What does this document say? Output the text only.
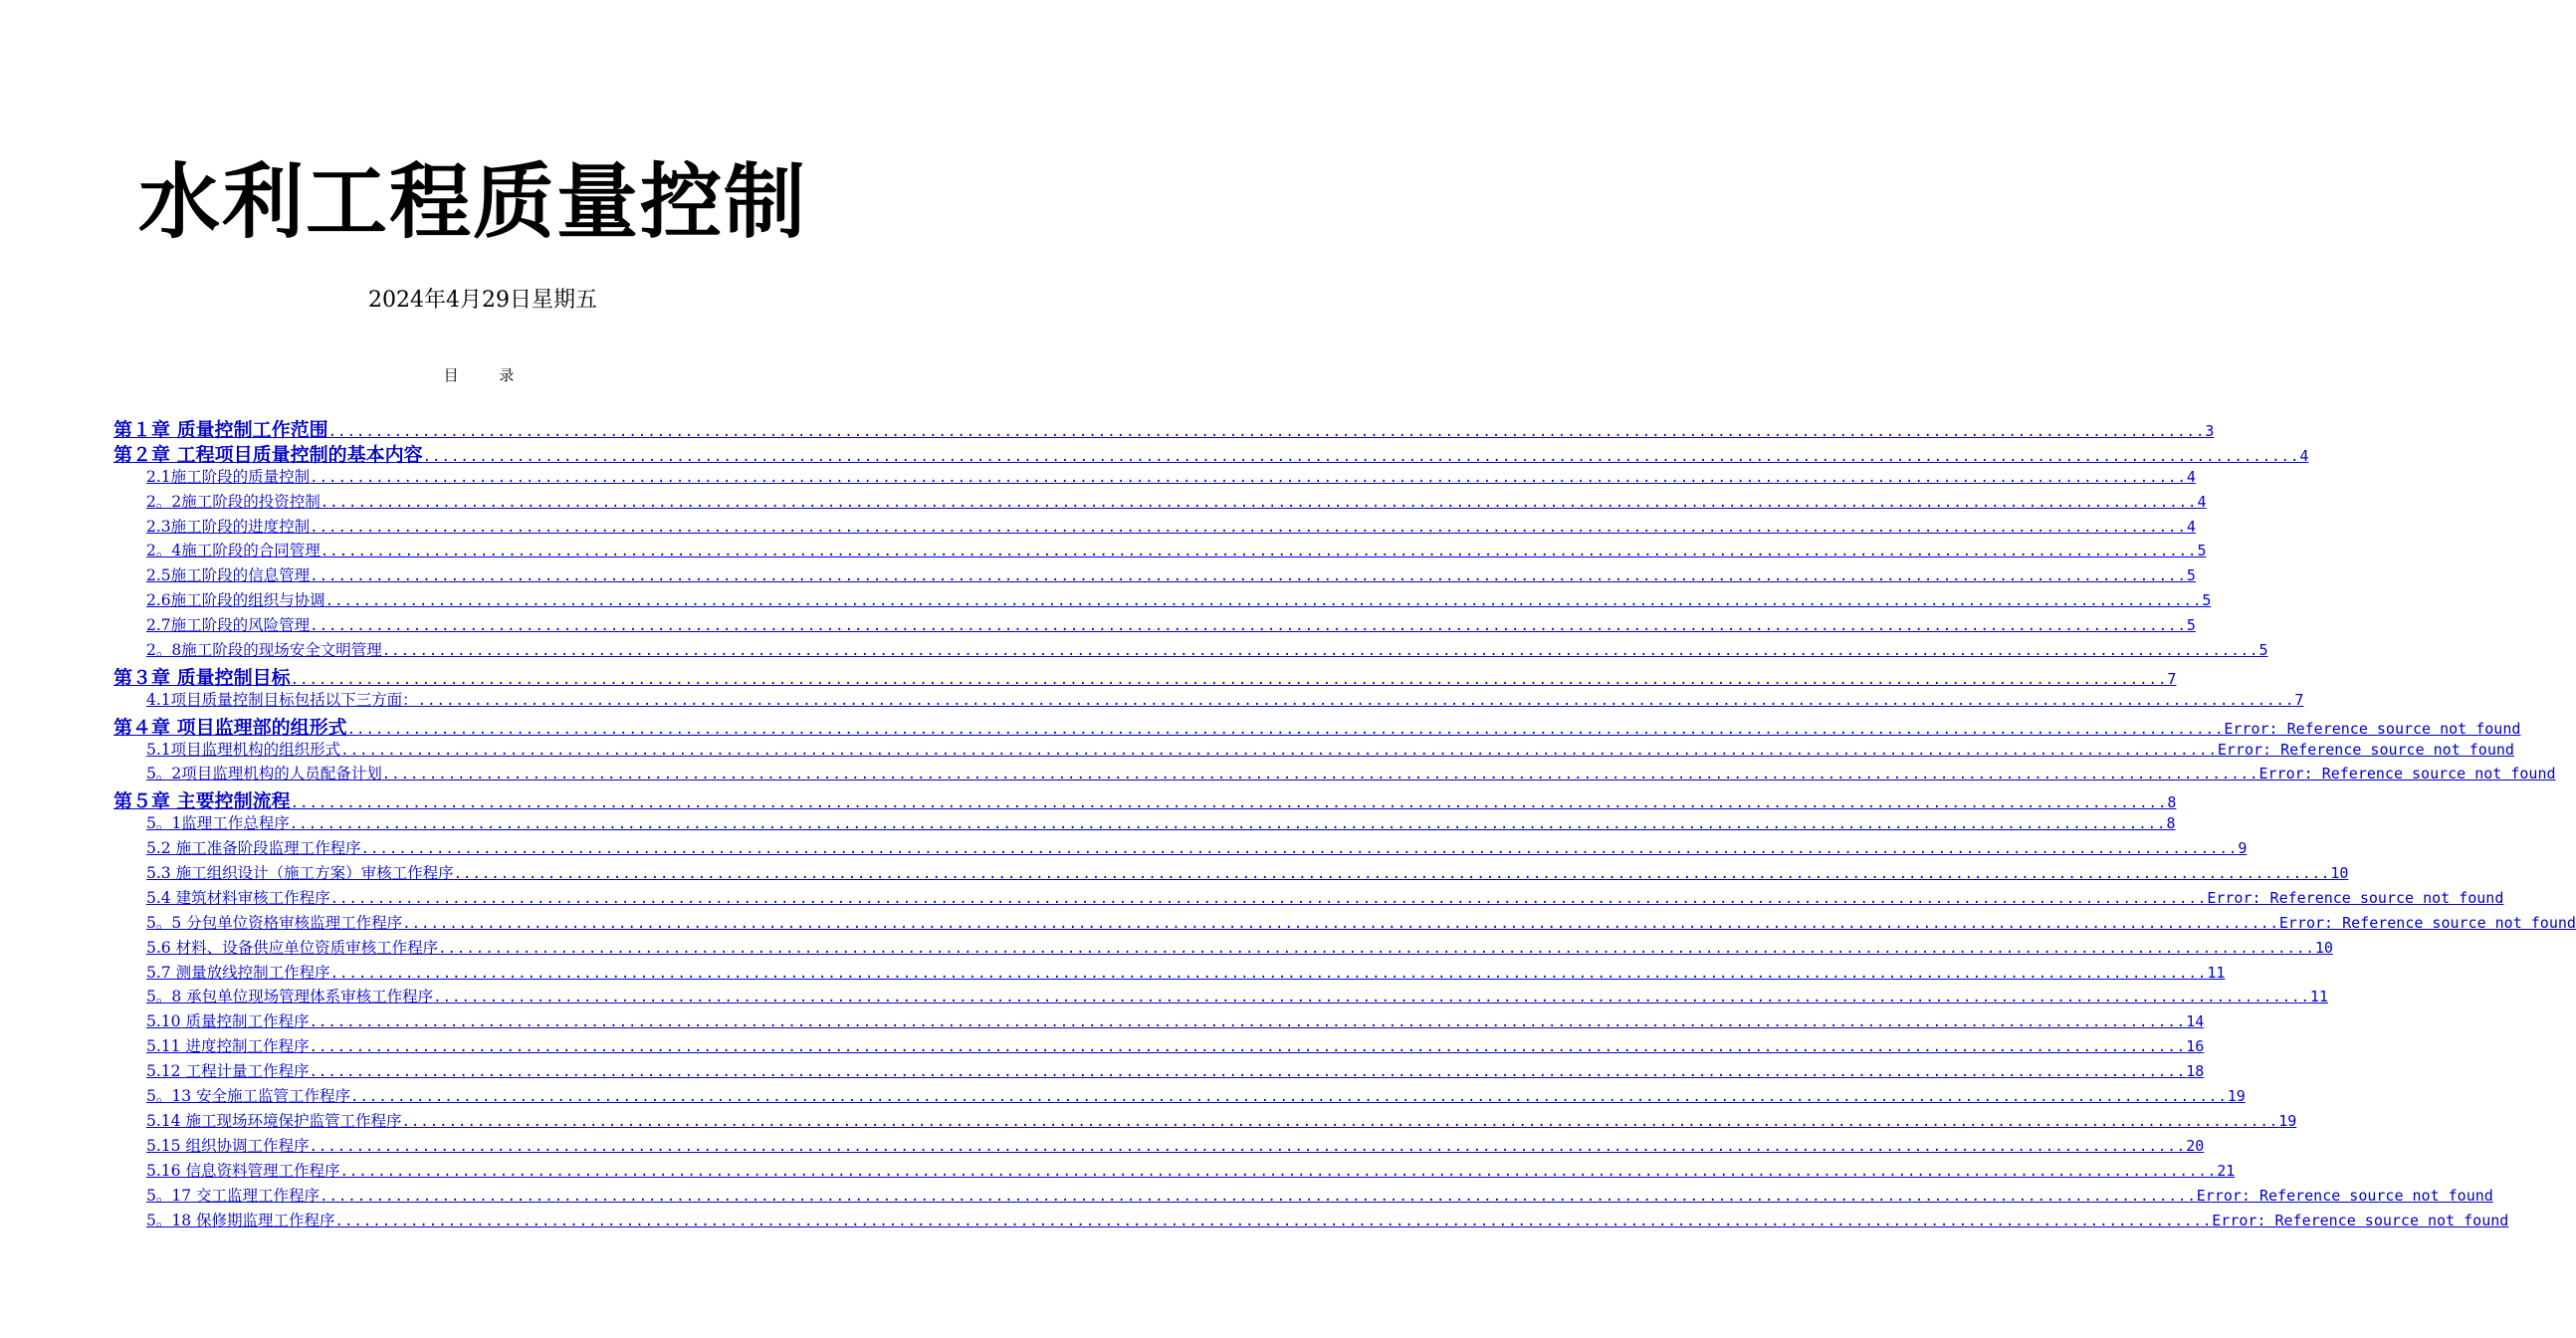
水利工程质量控制
2024年4月29日星期五
目 录
第１章 质量控制工作范围 ........................................................................................................................................................................................................ 3
第２章 工程项目质量控制的基本内容 ........................................................................................................................................................................................................ 4
2.1施工阶段的质量控制 ........................................................................................................................................................................................................ 4
2。2施工阶段的投资控制 ........................................................................................................................................................................................................ 4
2.3施工阶段的进度控制 ........................................................................................................................................................................................................ 4
2。4施工阶段的合同管理 ........................................................................................................................................................................................................ 5
2.5施工阶段的信息管理 ........................................................................................................................................................................................................ 5
2.6施工阶段的组织与协调 ........................................................................................................................................................................................................ 5
2.7施工阶段的风险管理 ........................................................................................................................................................................................................ 5
2。8施工阶段的现场安全文明管理 ........................................................................................................................................................................................................ 5
第３章 质量控制目标 ........................................................................................................................................................................................................ 7
4.1项目质量控制目标包括以下三方面： ........................................................................................................................................................................................................ 7
第４章 项目监理部的组形式 ........................................................................................................................................................................................................ Error: Reference source not found
5.1项目监理机构的组织形式 ........................................................................................................................................................................................................ Error: Reference source not found
5。2项目监理机构的人员配备计划 ........................................................................................................................................................................................................ Error: Reference source not found
第５章 主要控制流程 ........................................................................................................................................................................................................ 8
5。1监理工作总程序 ........................................................................................................................................................................................................ 8
5.2 施工准备阶段监理工作程序 ........................................................................................................................................................................................................ 9
5.3 施工组织设计（施工方案）审核工作程序 ........................................................................................................................................................................................................ 10
5.4 建筑材料审核工作程序 ........................................................................................................................................................................................................ Error: Reference source not found
5。5 分包单位资格审核监理工作程序 ........................................................................................................................................................................................................ Error: Reference source not found
5.6 材料、设备供应单位资质审核工作程序 ........................................................................................................................................................................................................ 10
5.7 测量放线控制工作程序 ........................................................................................................................................................................................................ 11
5。8 承包单位现场管理体系审核工作程序 ........................................................................................................................................................................................................ 11
5.10 质量控制工作程序 ........................................................................................................................................................................................................ 14
5.11 进度控制工作程序 ........................................................................................................................................................................................................ 16
5.12 工程计量工作程序 ........................................................................................................................................................................................................ 18
5。13 安全施工监管工作程序 ........................................................................................................................................................................................................ 19
5.14 施工现场环境保护监管工作程序 ........................................................................................................................................................................................................ 19
5.15 组织协调工作程序 ........................................................................................................................................................................................................ 20
5.16 信息资料管理工作程序 ........................................................................................................................................................................................................ 21
5。17 交工监理工作程序 ........................................................................................................................................................................................................ Error: Reference source not found
5。18 保修期监理工作程序 ........................................................................................................................................................................................................ Error: Reference source not found
